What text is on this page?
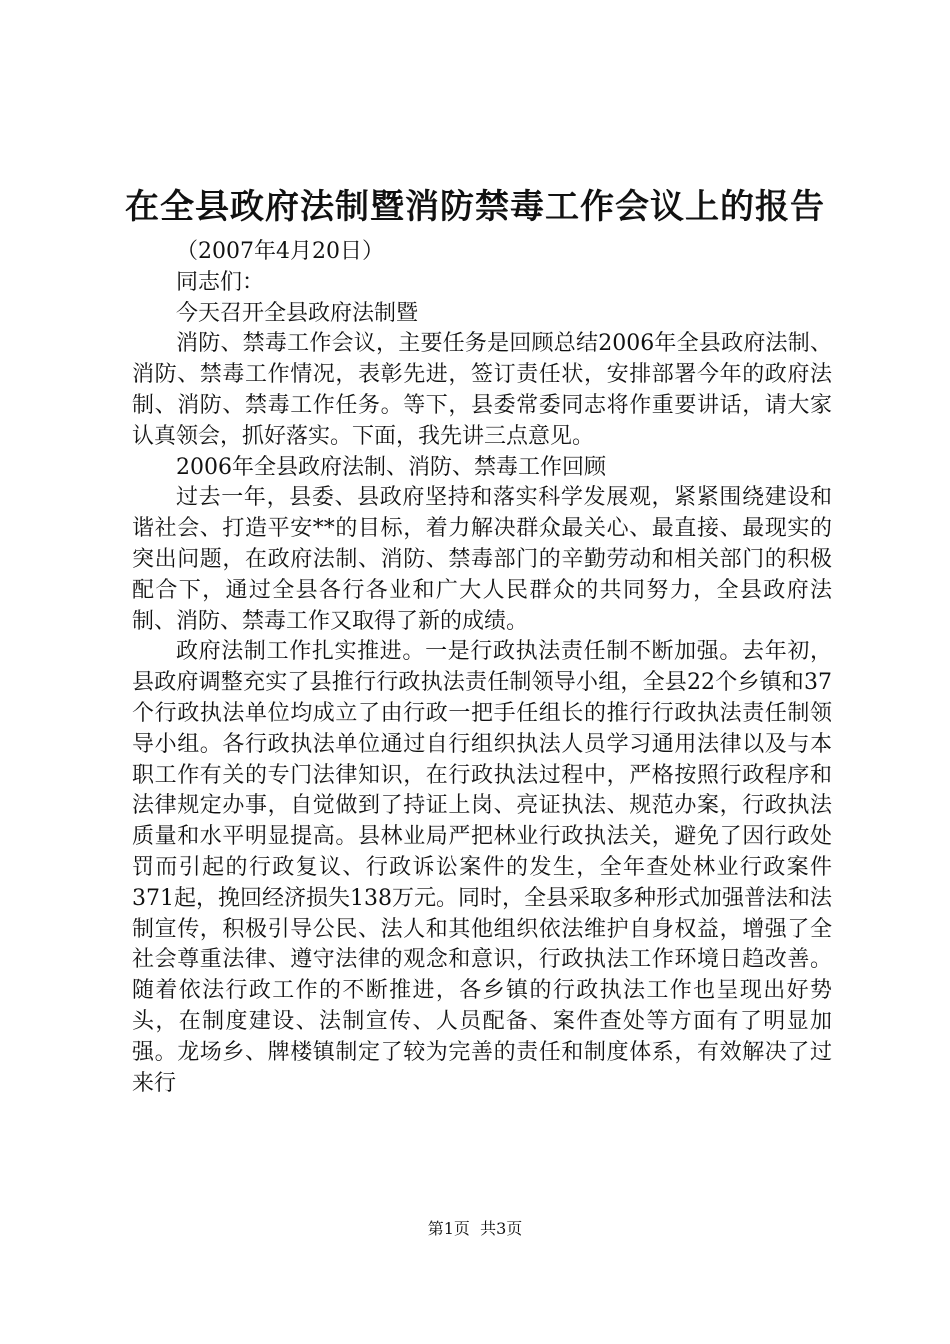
在全县政府法制暨消防禁毒工作会议上的报告

（2007年4月20日）

同志们：

今天召开全县政府法制暨

消防、禁毒工作会议，主要任务是回顾总结2006年全县政府法制、消防、禁毒工作情况，表彰先进，签订责任状，安排部署今年的政府法制、消防、禁毒工作任务。等下，县委常委同志将作重要讲话，请大家认真领会，抓好落实。下面，我先讲三点意见。

2006年全县政府法制、消防、禁毒工作回顾

过去一年，县委、县政府坚持和落实科学发展观，紧紧围绕建设和谐社会、打造平安**的目标，着力解决群众最关心、最直接、最现实的突出问题，在政府法制、消防、禁毒部门的辛勤劳动和相关部门的积极配合下，通过全县各行各业和广大人民群众的共同努力，全县政府法制、消防、禁毒工作又取得了新的成绩。

政府法制工作扎实推进。一是行政执法责任制不断加强。去年初，县政府调整充实了县推行行政执法责任制领导小组，全县22个乡镇和37个行政执法单位均成立了由行政一把手任组长的推行行政执法责任制领导小组。各行政执法单位通过自行组织执法人员学习通用法律以及与本职工作有关的专门法律知识，在行政执法过程中，严格按照行政程序和法律规定办事，自觉做到了持证上岗、亮证执法、规范办案，行政执法质量和水平明显提高。县林业局严把林业行政执法关，避免了因行政处罚而引起的行政复议、行政诉讼案件的发生，全年查处林业行政案件371起，挽回经济损失138万元。同时，全县采取多种形式加强普法和法制宣传，积极引导公民、法人和其他组织依法维护自身权益，增强了全社会尊重法律、遵守法律的观念和意识，行政执法工作环境日趋改善。随着依法行政工作的不断推进，各乡镇的行政执法工作也呈现出好势头，在制度建设、法制宣传、人员配备、案件查处等方面有了明显加强。龙场乡、牌楼镇制定了较为完善的责任和制度体系，有效解决了过来行

第1页  共3页
